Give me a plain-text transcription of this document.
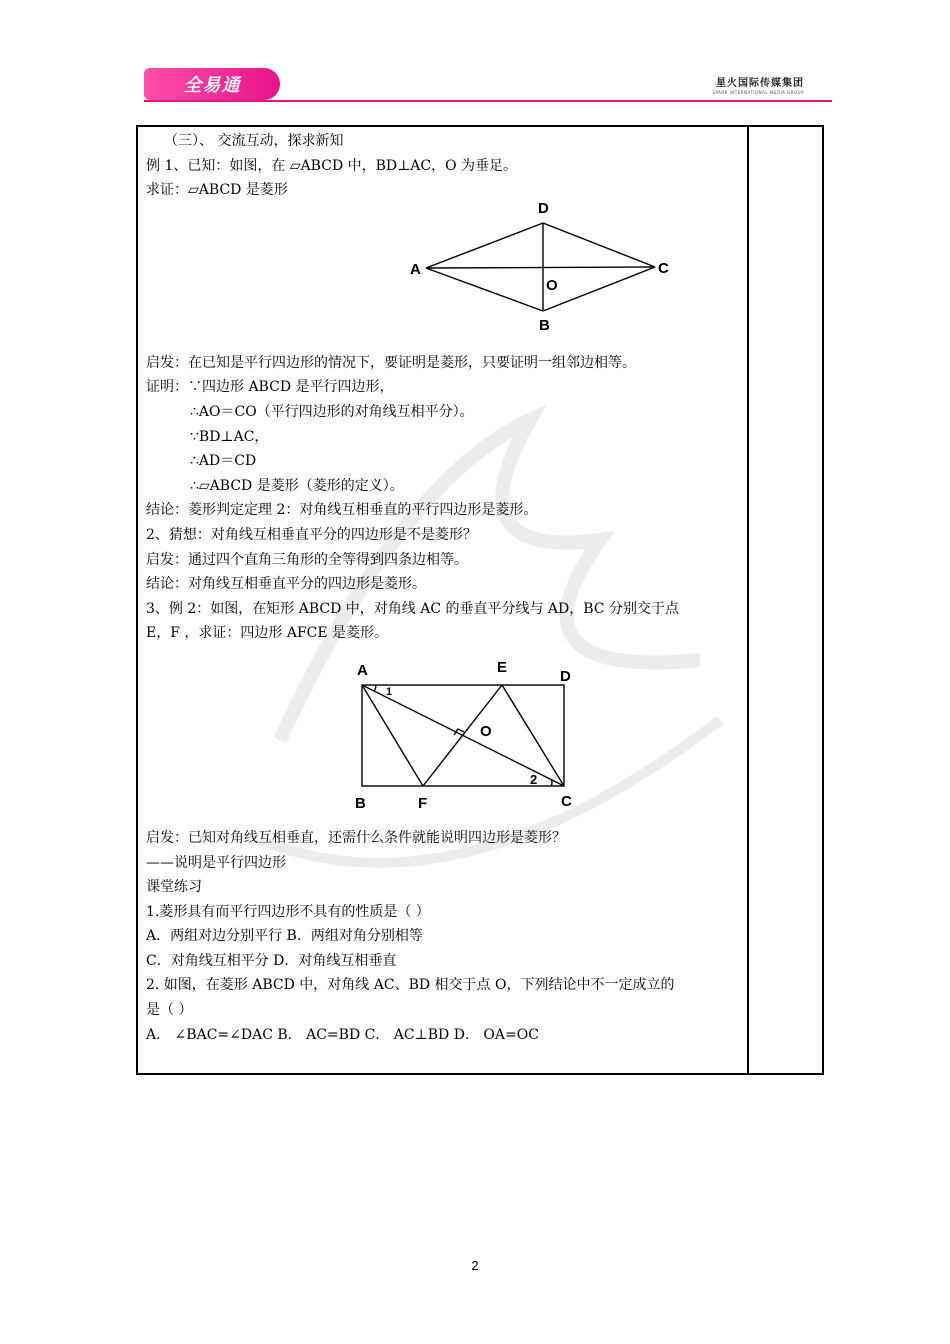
全易通	星火国际传媒集团
SPARK INTERNATIONAL MEDIA GROUP

（三）、 交流互动，探求新知

例 1、已知：如图，在 ▱ABCD 中，BD⊥AC，O 为垂足。

求证：▱ABCD 是菱形

启发：在已知是平行四边形的情况下，要证明是菱形，只要证明一组邻边相等。

证明：∵四边形 ABCD 是平行四边形，

∴AO＝CO（平行四边形的对角线互相平分）。

∵BD⊥AC，

∴AD＝CD

∴▱ABCD 是菱形（菱形的定义）。

结论：菱形判定定理 2：对角线互相垂直的平行四边形是菱形。

2、猜想：对角线互相垂直平分的四边形是不是菱形？

启发：通过四个直角三角形的全等得到四条边相等。

结论：对角线互相垂直平分的四边形是菱形。

3、例 2：如图，在矩形 ABCD 中，对角线 AC 的垂直平分线与 AD，BC 分别交于点

E，F ，求证：四边形 AFCE 是菱形。

启发：已知对角线互相垂直，还需什么条件就能说明四边形是菱形？

——说明是平行四边形

课堂练习

1.菱形具有而平行四边形不具有的性质是（ ）

A．两组对边分别平行 B．两组对角分别相等

C．对角线互相平分 D．对角线互相垂直

2. 如图，在菱形 ABCD 中，对角线 AC、BD 相交于点 O，下列结论中不一定成立的

是（ ）

A． ∠BAC=∠DAC B． AC=BD C． AC⊥BD D． OA=OC

D
A	C
O
B
A	E
D
1
O
2
B	F	C
2
